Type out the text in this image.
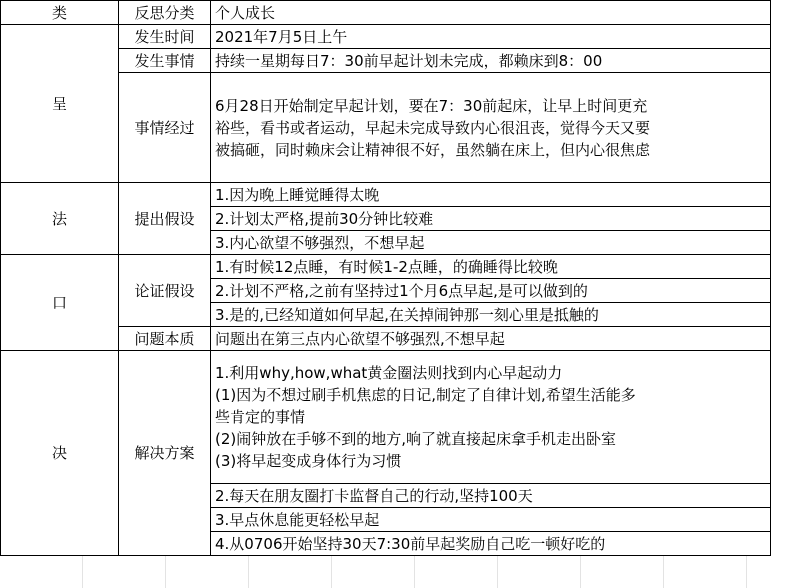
类	反思分类	个人成长
呈	发生时间	2021年7月5日上午
	发生事情	持续一星期每日7：30前早起计划未完成，都赖床到8：00
	事情经过	6月28日开始制定早起计划，要在7：30前起床，让早上时间更充
裕些，看书或者运动，早起未完成导致内心很沮丧，觉得今天又要
被搞砸，同时赖床会让精神很不好，虽然躺在床上，但内心很焦虑

法	提出假设	1.因为晚上睡觉睡得太晚
		2.计划太严格,提前30分钟比较难
		3.内心欲望不够强烈，不想早起
口	论证假设	1.有时候12点睡，有时候1-2点睡，的确睡得比较晚
		2.计划不严格,之前有坚持过1个月6点早起,是可以做到的
		3.是的,已经知道如何早起,在关掉闹钟那一刻心里是抵触的
	问题本质	问题出在第三点内心欲望不够强烈,不想早起
决	解决方案	1.利用why,how,what黄金圈法则找到内心早起动力
(1)因为不想过刷手机焦虑的日记,制定了自律计划,希望生活能多
些肯定的事情
(2)闹钟放在手够不到的地方,响了就直接起床拿手机走出卧室
(3)将早起变成身体行为习惯

		2.每天在朋友圈打卡监督自己的行动,坚持100天
		3.早点休息能更轻松早起
		4.从0706开始坚持30天7:30前早起奖励自己吃一顿好吃的
